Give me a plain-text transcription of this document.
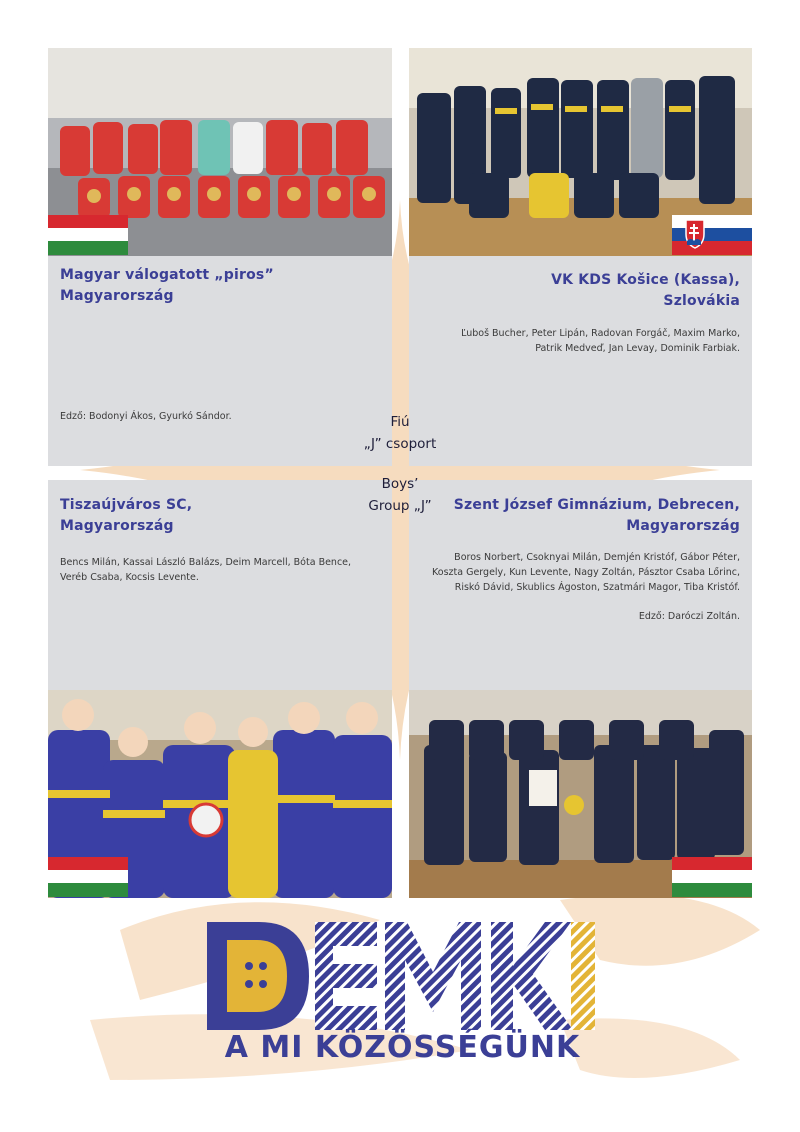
Magyar válogatott „piros”
Magyarország
Edző: Bodonyi Ákos, Gyurkó Sándor.
VK KDS Košice (Kassa),
Szlovákia
Ľuboš Bucher, Peter Lipán, Radovan Forgáč, Maxim Marko,
Patrik Medveď, Jan Levay, Dominik Farbiak.
Tiszaújváros SC,
Magyarország
Bencs Milán, Kassai László Balázs, Deim Marcell, Bóta Bence,
Veréb Csaba, Kocsis Levente.
Szent József Gimnázium, Debrecen,
Magyarország
Boros Norbert, Csoknyai Milán, Demjén Kristóf, Gábor Péter,
Koszta Gergely, Kun Levente, Nagy Zoltán, Pásztor Csaba Lőrinc,
Riskó Dávid, Skublics Ágoston, Szatmári Magor, Tiba Kristóf.
Edző: Daróczi Zoltán.
Fiú
„J” csoport
Boys’
Group „J”
A MI KÖZÖSSÉGÜNK
